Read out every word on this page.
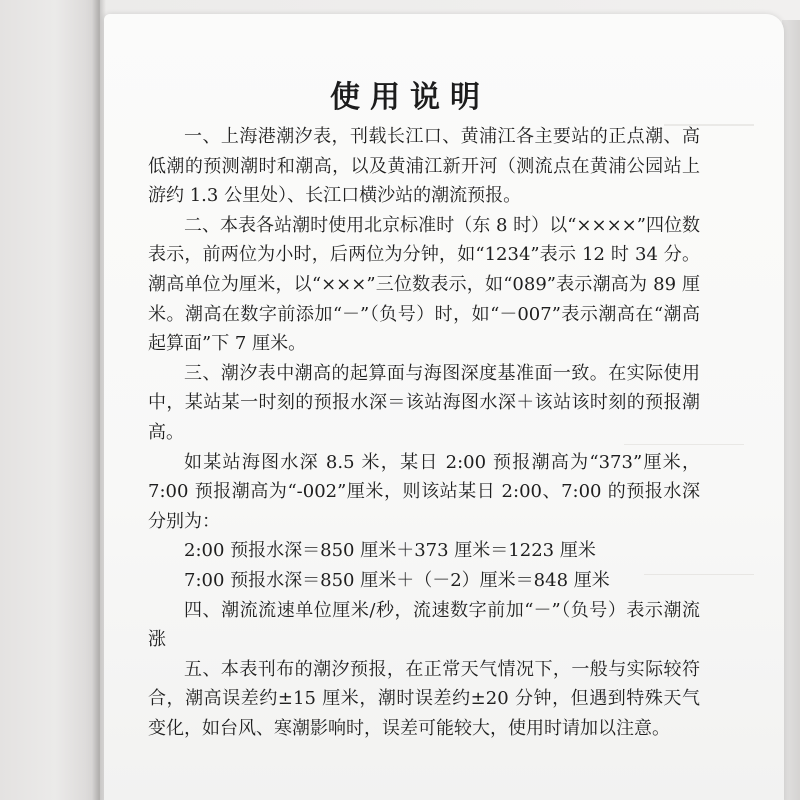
使用说明

一、上海港潮汐表，刊载长江口、黄浦江各主要站的正点潮、高低潮的预测潮时和潮高，以及黄浦江新开河（测流点在黄浦公园站上游约 1.3 公里处）、长江口横沙站的潮流预报。

二、本表各站潮时使用北京标准时（东 8 时）以“××××”四位数表示，前两位为小时，后两位为分钟，如“1234”表示 12 时 34 分。潮高单位为厘米，以“×××”三位数表示，如“089”表示潮高为 89 厘米。潮高在数字前添加“－”（负号）时，如“－007”表示潮高在“潮高起算面”下 7 厘米。

三、潮汐表中潮高的起算面与海图深度基准面一致。在实际使用中，某站某一时刻的预报水深＝该站海图水深＋该站该时刻的预报潮高。

如某站海图水深 8.5 米，某日 2:00 预报潮高为“373”厘米，7:00 预报潮高为“-002”厘米，则该站某日 2:00、7:00 的预报水深分别为：

2:00 预报水深＝850 厘米＋373 厘米＝1223 厘米

7:00 预报水深＝850 厘米＋（－2）厘米＝848 厘米

四、潮流流速单位厘米/秒，流速数字前加“－”（负号）表示潮流涨

五、本表刊布的潮汐预报，在正常天气情况下，一般与实际较符合，潮高误差约±15 厘米，潮时误差约±20 分钟，但遇到特殊天气变化，如台风、寒潮影响时，误差可能较大，使用时请加以注意。
